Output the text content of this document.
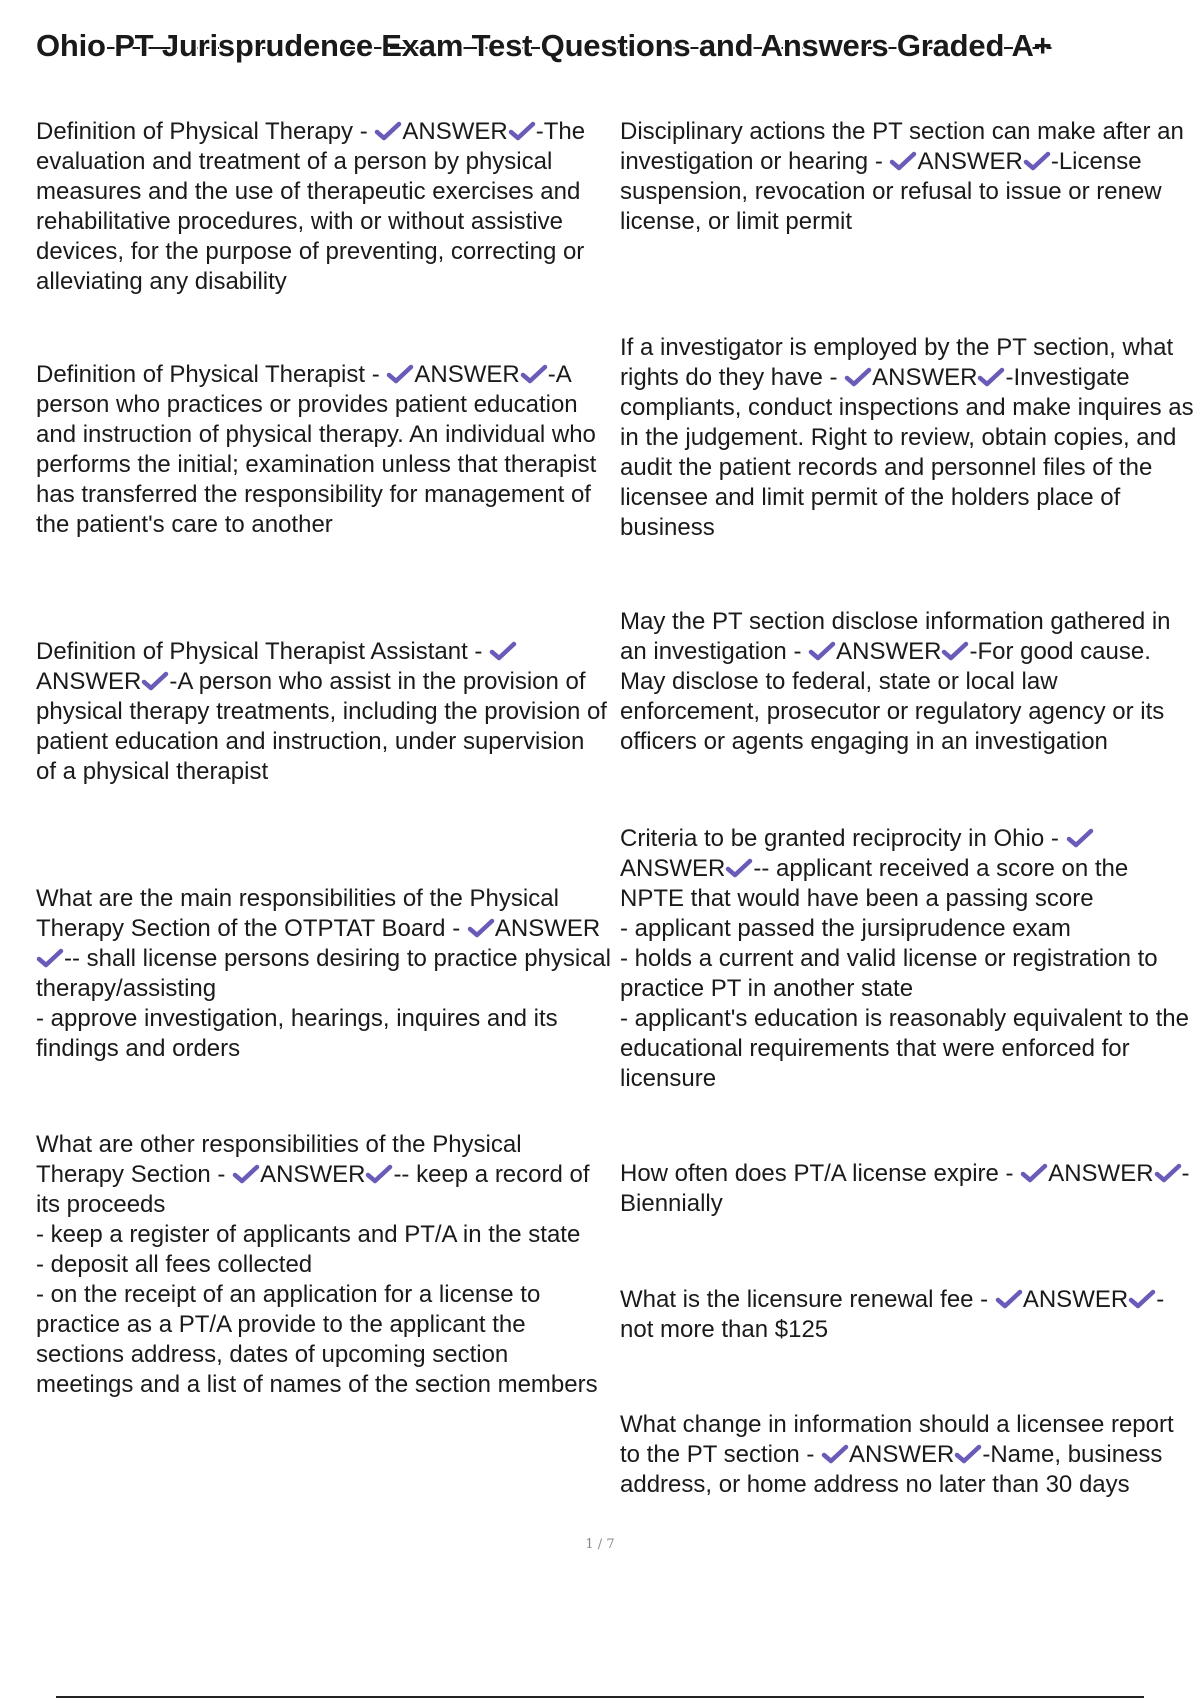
Ohio PT Jurisprudence Exam Test Questions and Answers Graded A+
Definition of Physical Therapy -
ANSWER -The evaluation and treatment of a person by physical measures and the use of therapeutic exercises and rehabilitative procedures, with or without assistive devices, for the purpose of preventing, correcting or alleviating any disability
Definition of Physical Therapist -
ANSWER -A person who practices or provides patient education and instruction of physical therapy. An individual who performs the initial; examination unless that therapist has transferred the responsibility for management of the patient's care to another
Definition of Physical Therapist Assistant -
ANSWER -A person who assist in the provision of physical therapy treatments, including the provision of patient education and instruction, under supervision of a physical therapist
What are the main responsibilities of the Physical Therapy Section of the OTPTAT Board -
ANSWER
-- shall license persons desiring to practice physical therapy/assisting
- approve investigation, hearings, inquires and its findings and orders
What are other responsibilities of the Physical Therapy Section -
ANSWER -- keep a record of its proceeds
- keep a register of applicants and PT/A in the state
- deposit all fees collected
- on the receipt of an application for a license to practice as a PT/A provide to the applicant the sections address, dates of upcoming section meetings and a list of names of the section members
Disciplinary actions the PT section can make after an investigation or hearing -
ANSWER -License suspension, revocation or refusal to issue or renew license, or limit permit
If a investigator is employed by the PT section, what rights do they have -
ANSWER -Investigate compliants, conduct inspections and make inquires as in the judgement. Right to review, obtain copies, and audit the patient records and personnel files of the licensee and limit permit of the holders place of business
May the PT section disclose information gathered in an investigation -
ANSWER -For good cause. May disclose to federal, state or local law enforcement, prosecutor or regulatory agency or its officers or agents engaging in an investigation
Criteria to be granted reciprocity in Ohio -
ANSWER -- applicant received a score on the NPTE that would have been a passing score
- applicant passed the jursiprudence exam
- holds a current and valid license or registration to practice PT in another state
- applicant's education is reasonably equivalent to the educational requirements that were enforced for licensure
How often does PT/A license expire -
ANSWER -Biennially
What is the licensure renewal fee -
ANSWER -not more than $125
What change in information should a licensee report to the PT section -
ANSWER -Name, business address, or home address no later than 30 days
1 / 7
